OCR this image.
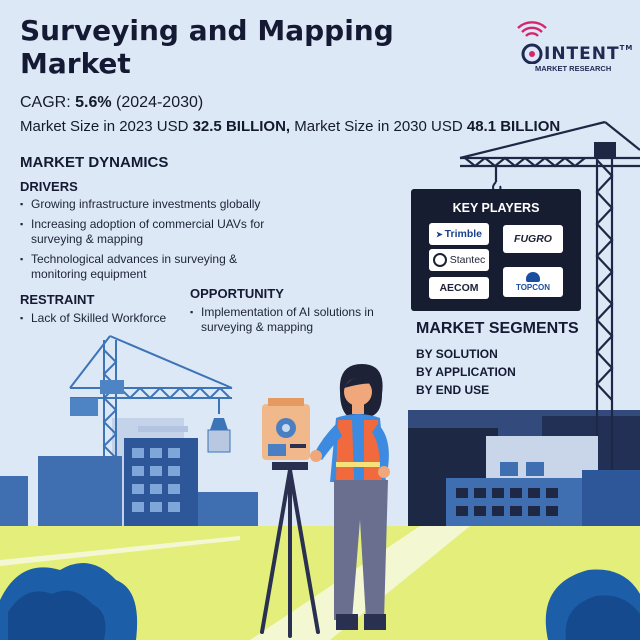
Surveying and Mapping
Market
CAGR: 5.6% (2024-2030)
Market Size in 2023 USD 32.5 BILLION, Market Size in 2030 USD 48.1 BILLION
INTENT™
MARKET RESEARCH
MARKET DYNAMICS
DRIVERS
▪ Growing infrastructure investments globally
▪ Increasing adoption of commercial UAVs for surveying & mapping
▪ Technological advances in surveying & monitoring equipment
RESTRAINT
▪ Lack of Skilled Workforce
OPPORTUNITY
▪ Implementation of AI solutions in surveying & mapping
KEY PLAYERS
➤ Trimble	FUGRO
Stantec
AECOM	TOPCON
MARKET SEGMENTS
BY SOLUTION
BY APPLICATION
BY END USE
